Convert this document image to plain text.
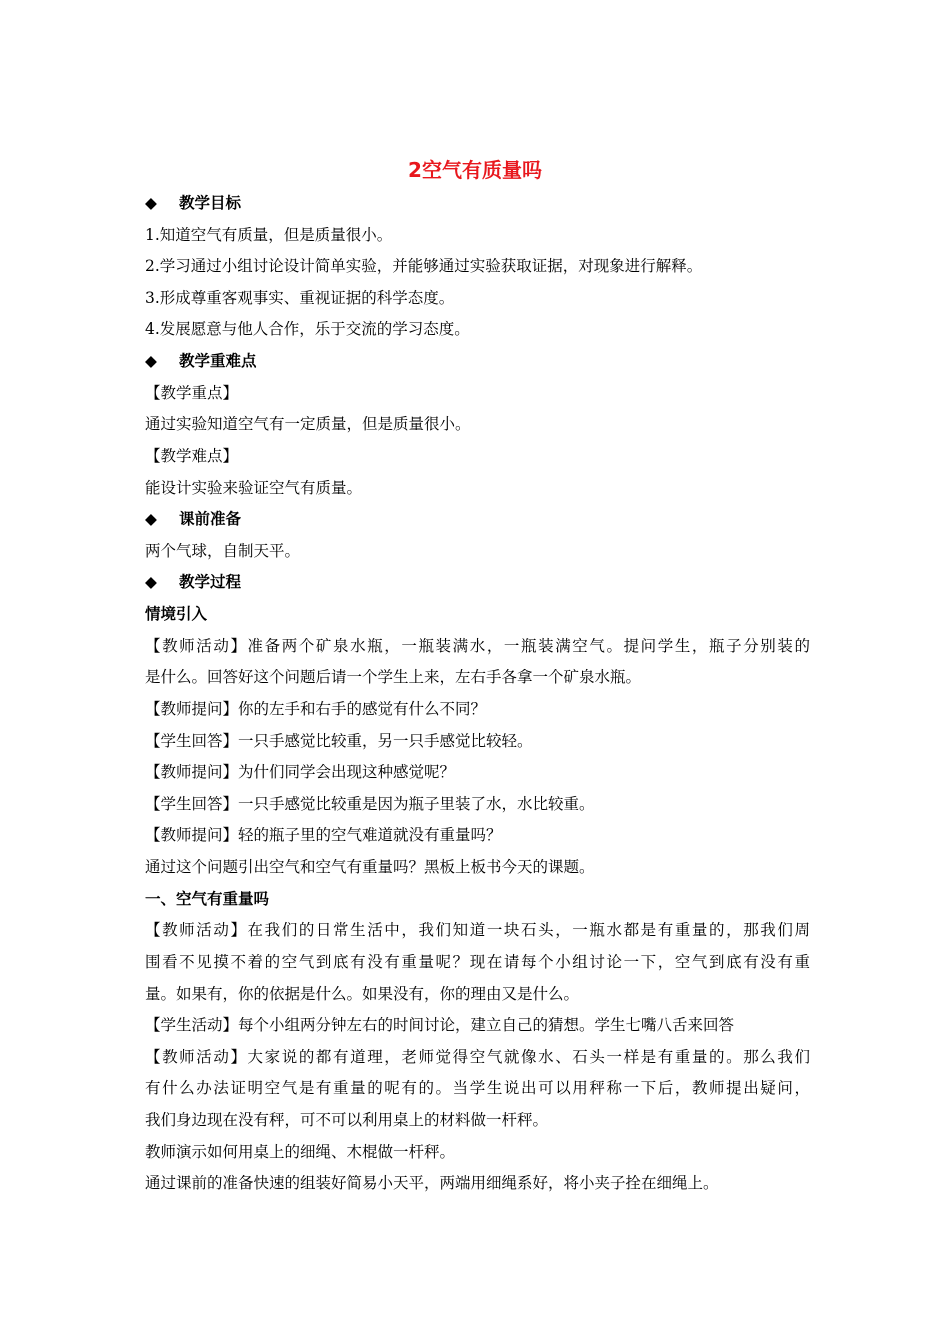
2空气有质量吗
◆ 教学目标
1.知道空气有质量，但是质量很小。
2.学习通过小组讨论设计简单实验，并能够通过实验获取证据，对现象进行解释。
3.形成尊重客观事实、重视证据的科学态度。
4.发展愿意与他人合作，乐于交流的学习态度。
◆ 教学重难点
【教学重点】
通过实验知道空气有一定质量，但是质量很小。
【教学难点】
能设计实验来验证空气有质量。
◆ 课前准备
两个气球，自制天平。
◆ 教学过程
情境引入
【教师活动】准备两个矿泉水瓶，一瓶装满水，一瓶装满空气。提问学生，瓶子分别装的
是什么。回答好这个问题后请一个学生上来，左右手各拿一个矿泉水瓶。
【教师提问】你的左手和右手的感觉有什么不同？
【学生回答】一只手感觉比较重，另一只手感觉比较轻。
【教师提问】为什们同学会出现这种感觉呢？
【学生回答】一只手感觉比较重是因为瓶子里装了水，水比较重。
【教师提问】轻的瓶子里的空气难道就没有重量吗？
通过这个问题引出空气和空气有重量吗？黑板上板书今天的课题。
一、空气有重量吗
【教师活动】在我们的日常生活中，我们知道一块石头，一瓶水都是有重量的，那我们周
围看不见摸不着的空气到底有没有重量呢？现在请每个小组讨论一下，空气到底有没有重
量。如果有，你的依据是什么。如果没有，你的理由又是什么。
【学生活动】每个小组两分钟左右的时间讨论，建立自己的猜想。学生七嘴八舌来回答
【教师活动】大家说的都有道理，老师觉得空气就像水、石头一样是有重量的。那么我们
有什么办法证明空气是有重量的呢有的。当学生说出可以用秤称一下后，教师提出疑问，
我们身边现在没有秤，可不可以利用桌上的材料做一杆秤。
教师演示如何用桌上的细绳、木棍做一杆秤。
通过课前的准备快速的组装好简易小天平，两端用细绳系好，将小夹子拴在细绳上。
